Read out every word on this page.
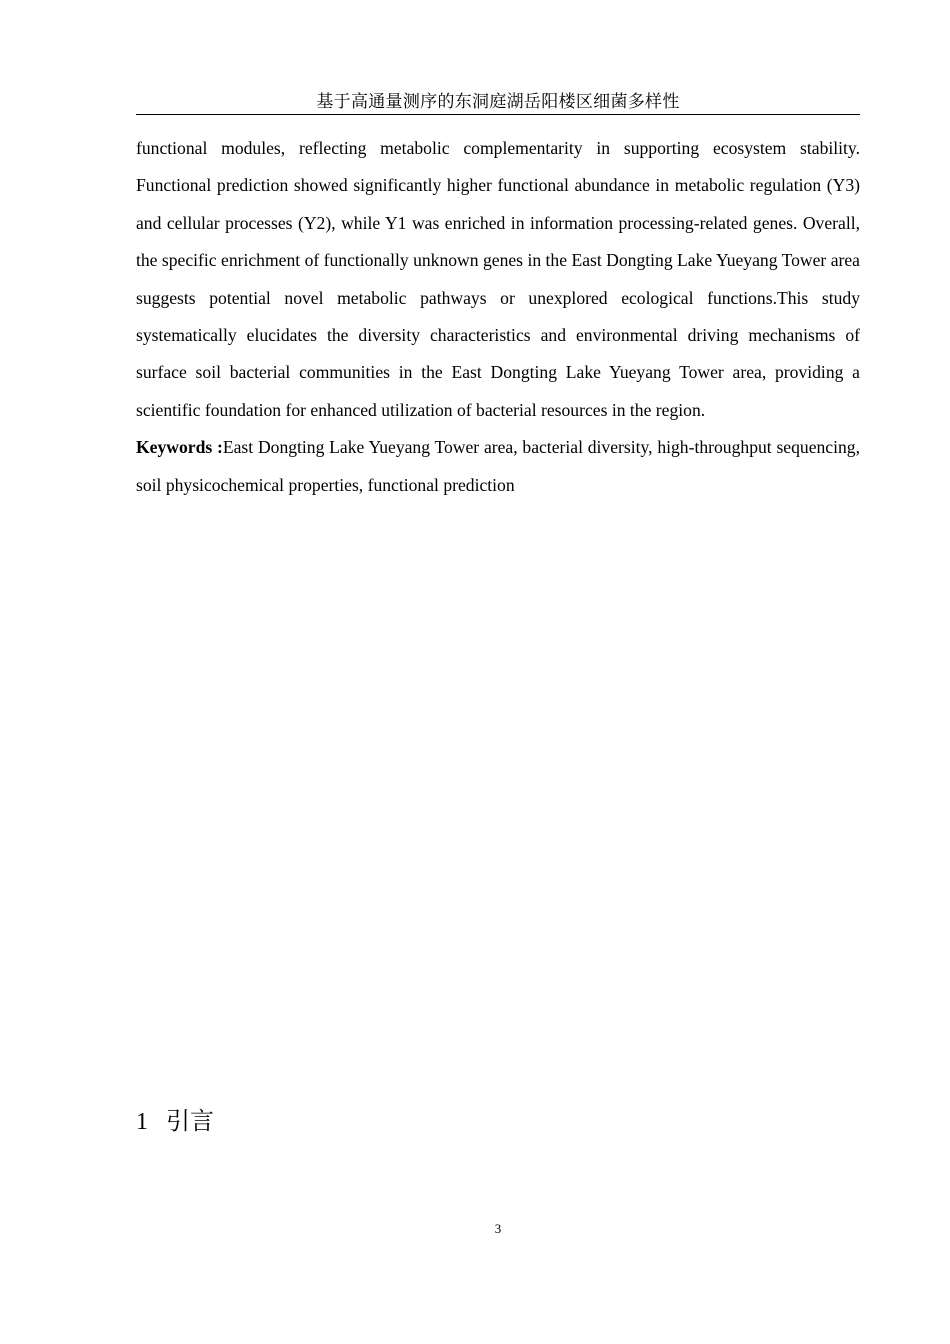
基于高通量测序的东洞庭湖岳阳楼区细菌多样性

functional modules, reflecting metabolic complementarity in supporting ecosystem stability. Functional prediction showed significantly higher functional abundance in metabolic regulation (Y3) and cellular processes (Y2), while Y1 was enriched in information processing-related genes. Overall, the specific enrichment of functionally unknown genes in the East Dongting Lake Yueyang Tower area suggests potential novel metabolic pathways or unexplored ecological functions.This study systematically elucidates the diversity characteristics and environmental driving mechanisms of surface soil bacterial communities in the East Dongting Lake Yueyang Tower area, providing a scientific foundation for enhanced utilization of bacterial resources in the region.

Keywords :East Dongting Lake Yueyang Tower area, bacterial diversity, high-throughput sequencing, soil physicochemical properties, functional prediction

1 引言
3
